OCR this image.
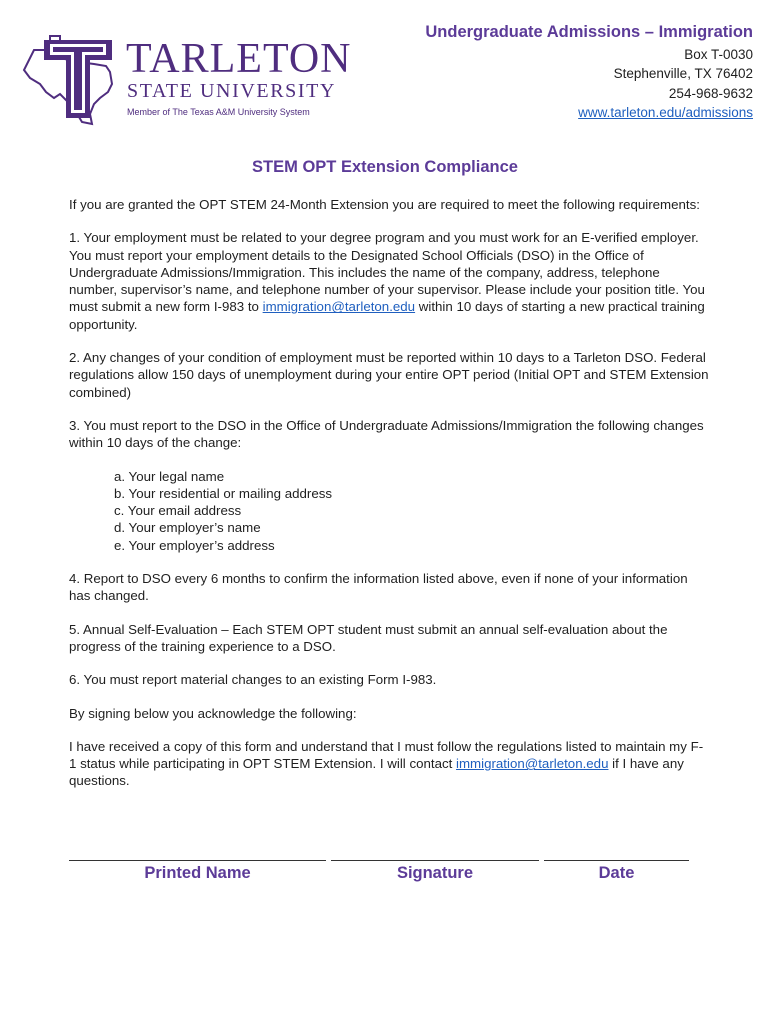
TARLETON
STATE UNIVERSITY
Member of The Texas A&M University System
Undergraduate Admissions – Immigration
Box T-0030
Stephenville, TX 76402
254-968-9632
www.tarleton.edu/admissions
STEM OPT Extension Compliance

If you are granted the OPT STEM 24-Month Extension you are required to meet the following requirements:

1. Your employment must be related to your degree program and you must work for an E-verified employer. You must report your employment details to the Designated School Officials (DSO) in the Office of Undergraduate Admissions/Immigration. This includes the name of the company, address, telephone number, supervisor’s name, and telephone number of your supervisor. Please include your position title. You must submit a new form I-983 to immigration@tarleton.edu within 10 days of starting a new practical training opportunity.

2. Any changes of your condition of employment must be reported within 10 days to a Tarleton DSO. Federal regulations allow 150 days of unemployment during your entire OPT period (Initial OPT and STEM Extension combined)

3. You must report to the DSO in the Office of Undergraduate Admissions/Immigration the following changes within 10 days of the change:

a. Your legal name
b. Your residential or mailing address
c. Your email address
d. Your employer’s name
e. Your employer’s address

4. Report to DSO every 6 months to confirm the information listed above, even if none of your information has changed.

5. Annual Self-Evaluation – Each STEM OPT student must submit an annual self-evaluation about the progress of the training experience to a DSO.

6. You must report material changes to an existing Form I-983.

By signing below you acknowledge the following:

I have received a copy of this form and understand that I must follow the regulations listed to maintain my F-1 status while participating in OPT STEM Extension. I will contact immigration@tarleton.edu if I have any questions.

Printed Name	Signature	Date
